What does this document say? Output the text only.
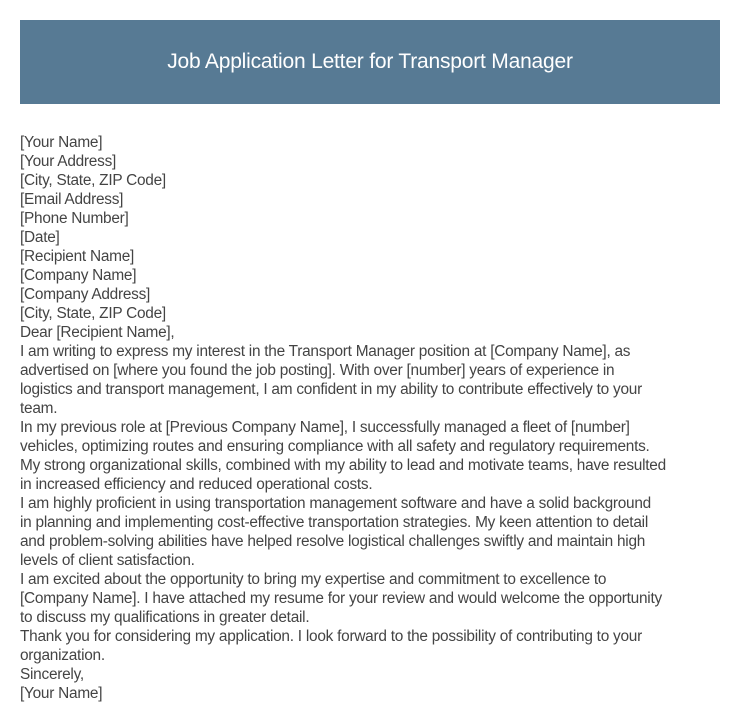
Job Application Letter for Transport Manager
[Your Name]
[Your Address]
[City, State, ZIP Code]
[Email Address]
[Phone Number]
[Date]
[Recipient Name]
[Company Name]
[Company Address]
[City, State, ZIP Code]
Dear [Recipient Name],
I am writing to express my interest in the Transport Manager position at [Company Name], as
advertised on [where you found the job posting]. With over [number] years of experience in
logistics and transport management, I am confident in my ability to contribute effectively to your
team.
In my previous role at [Previous Company Name], I successfully managed a fleet of [number]
vehicles, optimizing routes and ensuring compliance with all safety and regulatory requirements.
My strong organizational skills, combined with my ability to lead and motivate teams, have resulted
in increased efficiency and reduced operational costs.
I am highly proficient in using transportation management software and have a solid background
in planning and implementing cost-effective transportation strategies. My keen attention to detail
and problem-solving abilities have helped resolve logistical challenges swiftly and maintain high
levels of client satisfaction.
I am excited about the opportunity to bring my expertise and commitment to excellence to
[Company Name]. I have attached my resume for your review and would welcome the opportunity
to discuss my qualifications in greater detail.
Thank you for considering my application. I look forward to the possibility of contributing to your
organization.
Sincerely,
[Your Name]
